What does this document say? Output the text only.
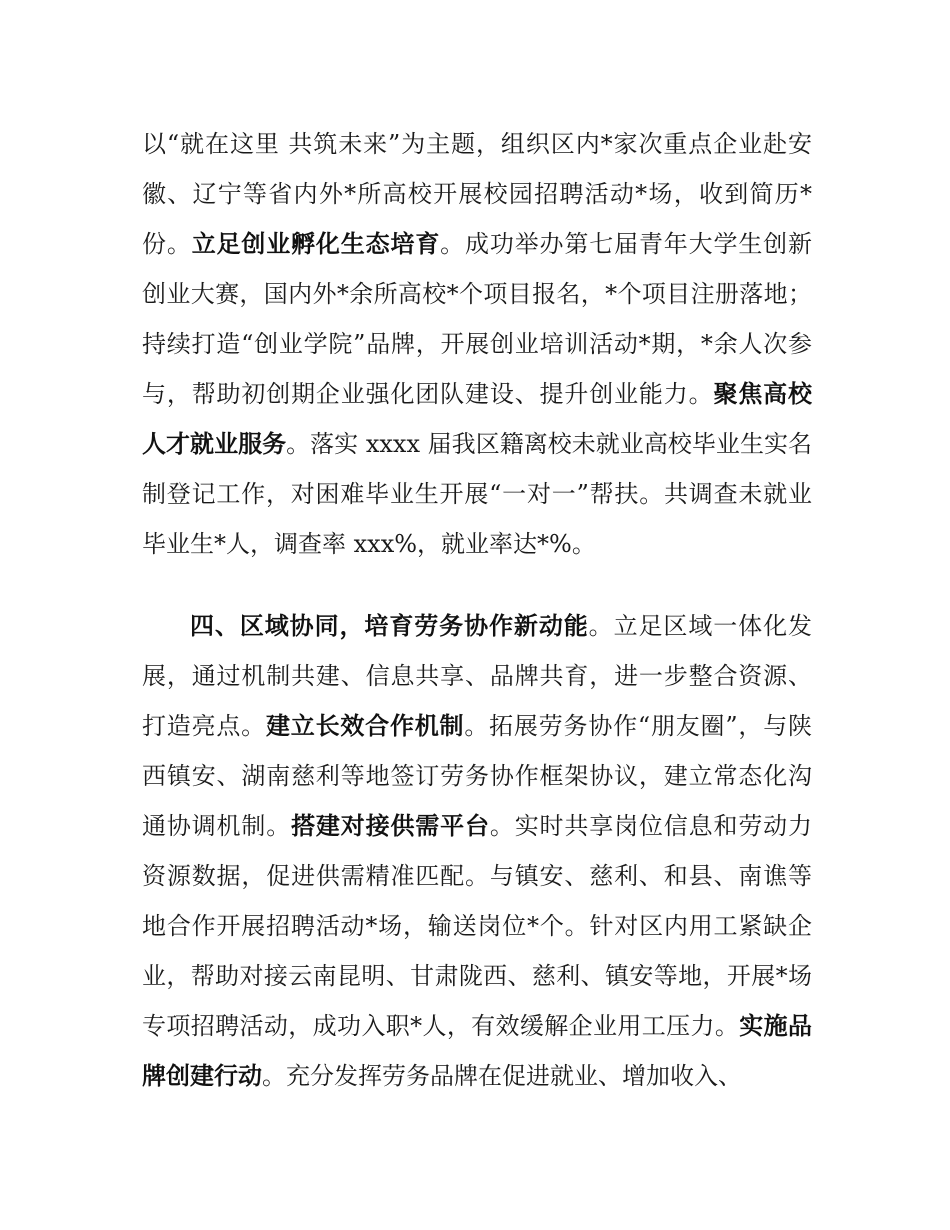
以“就在这里 共筑未来”为主题，组织区内*家次重点企业赴安徽、辽宁等省内外*所高校开展校园招聘活动*场，收到简历*份。立足创业孵化生态培育。成功举办第七届青年大学生创新创业大赛，国内外*余所高校*个项目报名，*个项目注册落地；持续打造“创业学院”品牌，开展创业培训活动*期，*余人次参与，帮助初创期企业强化团队建设、提升创业能力。聚焦高校人才就业服务。落实 xxxx 届我区籍离校未就业高校毕业生实名制登记工作，对困难毕业生开展“一对一”帮扶。共调查未就业毕业生*人，调查率 xxx%，就业率达*%。

四、区域协同，培育劳务协作新动能。立足区域一体化发展，通过机制共建、信息共享、品牌共育，进一步整合资源、打造亮点。建立长效合作机制。拓展劳务协作“朋友圈”，与陕西镇安、湖南慈利等地签订劳务协作框架协议，建立常态化沟通协调机制。搭建对接供需平台。实时共享岗位信息和劳动力资源数据，促进供需精准匹配。与镇安、慈利、和县、南谯等地合作开展招聘活动*场，输送岗位*个。针对区内用工紧缺企业，帮助对接云南昆明、甘肃陇西、慈利、镇安等地，开展*场专项招聘活动，成功入职*人，有效缓解企业用工压力。实施品牌创建行动。充分发挥劳务品牌在促进就业、增加收入、
